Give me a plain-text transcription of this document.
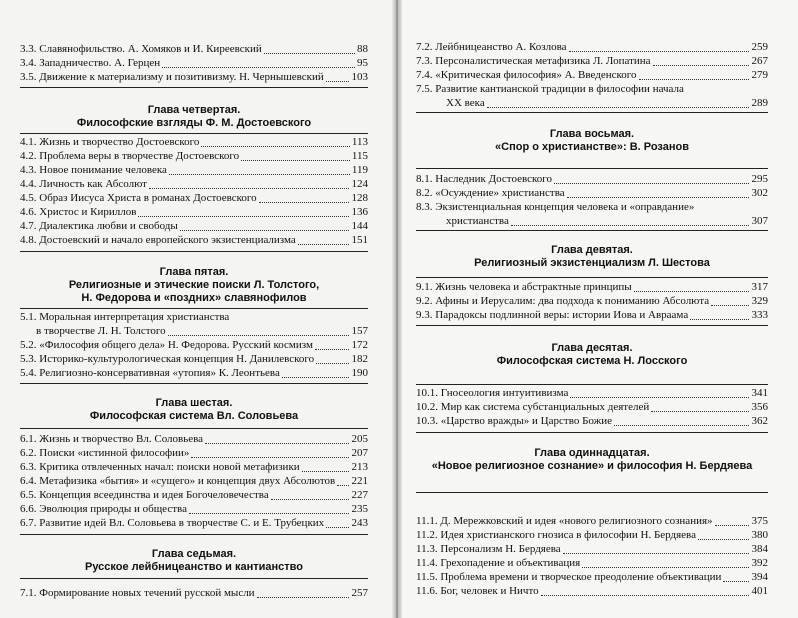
3.3. Славянофильство. А. Хомяков и И. Киреевский	88
3.4. Западничество. А. Герцен	95
3.5. Движение к материализму и позитивизму. Н. Чернышевский	103
Глава четвертая.
Философские взгляды Ф. М. Достоевского
4.1. Жизнь и творчество Достоевского	113
4.2. Проблема веры в творчестве Достоевского	115
4.3. Новое понимание человека	119
4.4. Личность как Абсолют	124
4.5. Образ Иисуса Христа в романах Достоевского	128
4.6. Христос и Кириллов	136
4.7. Диалектика любви и свободы	144
4.8. Достоевский и начало европейского экзистенциализма	151
Глава пятая.
Религиозные и этические поиски Л. Толстого,
Н. Федорова и «поздних» славянофилов
5.1. Моральная интерпретация христианства
в творчестве Л. Н. Толстого	157
5.2. «Философия общего дела» Н. Федорова. Русский космизм	172
5.3. Историко-культурологическая концепция Н. Данилевского	182
5.4. Религиозно-консервативная «утопия» К. Леонтьева	190
Глава шестая.
Философская система Вл. Соловьева
6.1. Жизнь и творчество Вл. Соловьева	205
6.2. Поиски «истинной философии»	207
6.3. Критика отвлеченных начал: поиски новой метафизики	213
6.4. Метафизика «бытия» и «сущего» и концепция двух Абсолютов 221
6.5. Концепция всеединства и идея Богочеловечества	227
6.6. Эволюция природы и общества	235
6.7. Развитие идей Вл. Соловьева в творчестве С. и Е. Трубецких 243
Глава седьмая.
Русское лейбницеанство и кантианство
7.1. Формирование новых течений русской мысли	257
7.2. Лейбницеанство А. Козлова	259
7.3. Персоналистическая метафизика Л. Лопатина	267
7.4. «Критическая философия» А. Введенского	279
7.5. Развитие кантианской традиции в философии начала
XX века	289
Глава восьмая.
«Спор о христианстве»: В. Розанов
8.1. Наследник Достоевского	295
8.2. «Осуждение» христианства	302
8.3. Экзистенциальная концепция человека и «оправдание»
христианства	307
Глава девятая.
Религиозный экзистенциализм Л. Шестова
9.1. Жизнь человека и абстрактные принципы	317
9.2. Афины и Иерусалим: два подхода к пониманию Абсолюта	329
9.3. Парадоксы подлинной веры: истории Иова и Авраама	333
Глава десятая.
Философская система Н. Лосского
10.1. Гносеология интуитивизма	341
10.2. Мир как система субстанциальных деятелей	356
10.3. «Царство вражды» и Царство Божие	362
Глава одиннадцатая.
«Новое религиозное сознание» и философия Н. Бердяева
11.1. Д. Мережковский и идея «нового религиозного сознания»	375
11.2. Идея христианского гнозиса в философии Н. Бердяева	380
11.3. Персонализм Н. Бердяева	384
11.4. Грехопадение и объективация	392
11.5. Проблема времени и творческое преодоление объективации	394
11.6. Бог, человек и Ничто	401
